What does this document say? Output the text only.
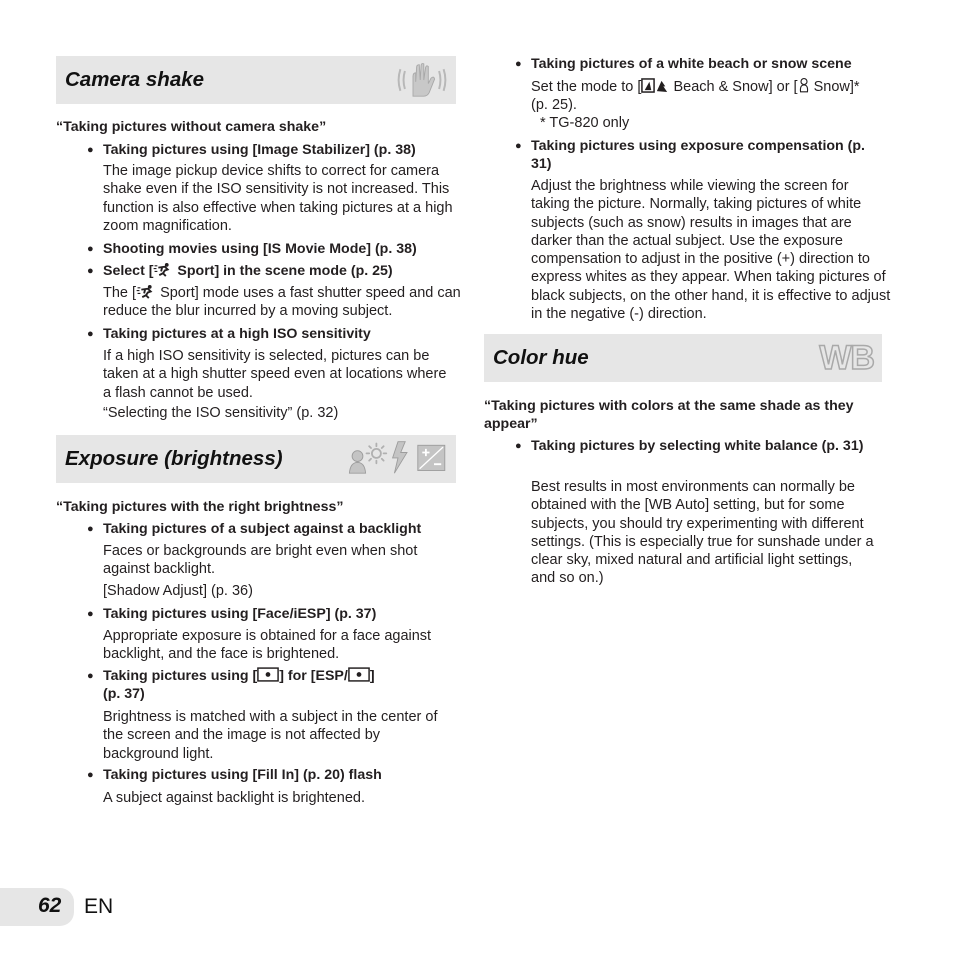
Camera shake
“Taking pictures without camera shake”
● Taking pictures using [Image Stabilizer] (p. 38)
The image pickup device shifts to correct for camera shake even if the ISO sensitivity is not increased. This function is also effective when taking pictures at a high zoom magnification.
● Shooting movies using [IS Movie Mode] (p. 38)
● Select [ Sport] in the scene mode (p. 25)
The [ Sport] mode uses a fast shutter speed and can reduce the blur incurred by a moving subject.
● Taking pictures at a high ISO sensitivity
If a high ISO sensitivity is selected, pictures can be taken at a high shutter speed even at locations where a flash cannot be used.
“Selecting the ISO sensitivity” (p. 32)
Exposure (brightness)
“Taking pictures with the right brightness”
● Taking pictures of a subject against a backlight
Faces or backgrounds are bright even when shot against backlight.
[Shadow Adjust] (p. 36)
● Taking pictures using [Face/iESP] (p. 37)
Appropriate exposure is obtained for a face against backlight, and the face is brightened.
● Taking pictures using [ ] for [ESP/ ]
(p. 37)
Brightness is matched with a subject in the center of the screen and the image is not affected by background light.
● Taking pictures using [Fill In] (p. 20) flash
A subject against backlight is brightened.
● Taking pictures of a white beach or snow scene
Set the mode to [ Beach & Snow] or [ Snow]*
(p. 25).
* TG-820 only
● Taking pictures using exposure compensation (p. 31)
Adjust the brightness while viewing the screen for taking the picture. Normally, taking pictures of white subjects (such as snow) results in images that are darker than the actual subject. Use the exposure compensation to adjust in the positive (+) direction to express whites as they appear. When taking pictures of black subjects, on the other hand, it is effective to adjust in the negative (-) direction.
Color hue	WB
“Taking pictures with colors at the same shade as they appear”
● Taking pictures by selecting white balance (p. 31)
Best results in most environments can normally be obtained with the [WB Auto] setting, but for some subjects, you should try experimenting with different settings. (This is especially true for sunshade under a clear sky, mixed natural and artificial light settings, and so on.)
62 EN
